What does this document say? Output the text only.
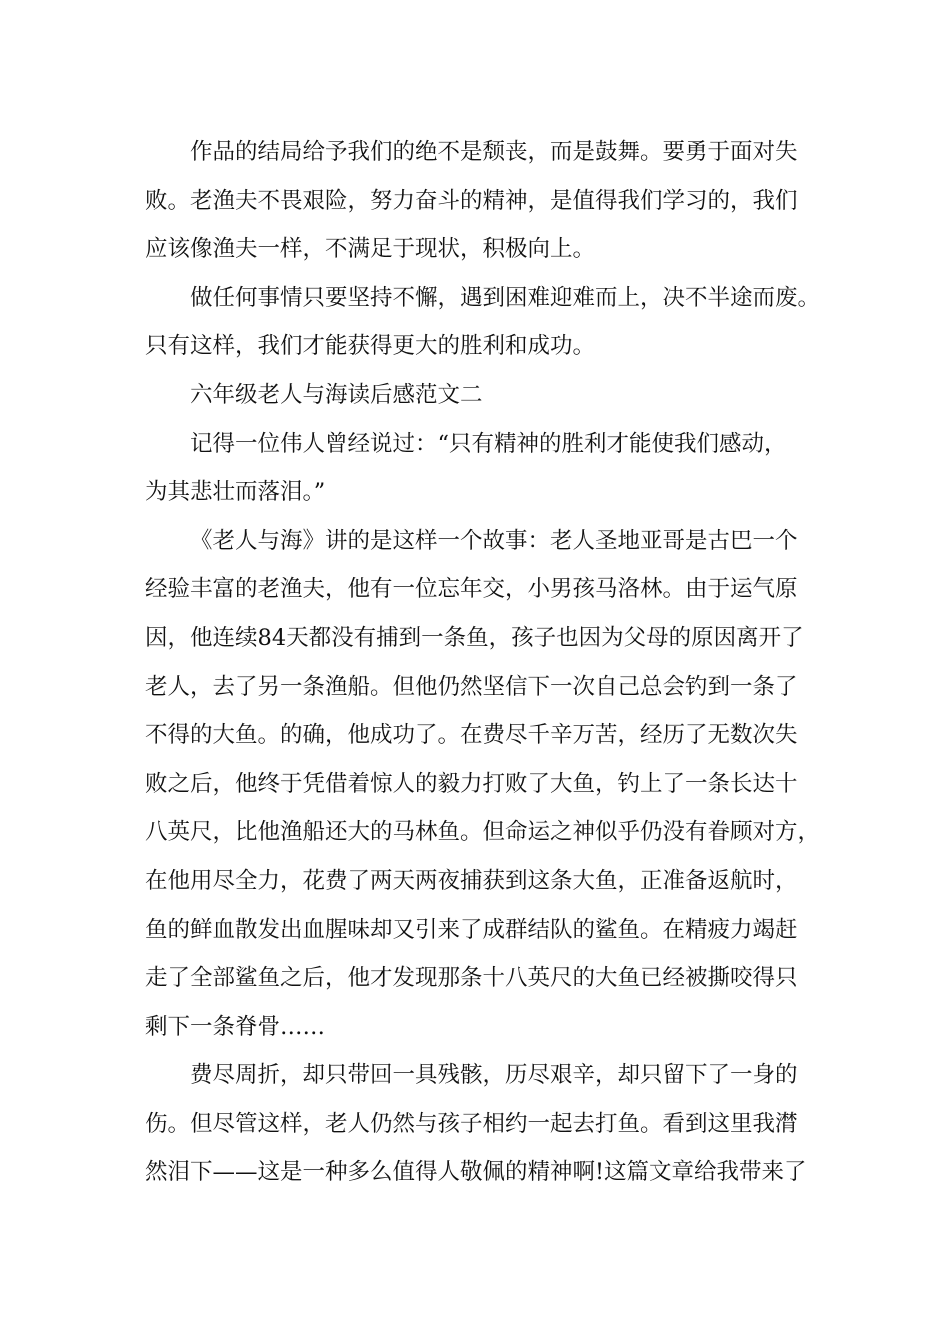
作品的结局给予我们的绝不是颓丧，而是鼓舞。要勇于面对失
败。老渔夫不畏艰险，努力奋斗的精神，是值得我们学习的，我们
应该像渔夫一样，不满足于现状，积极向上。
做任何事情只要坚持不懈，遇到困难迎难而上，决不半途而废。
只有这样，我们才能获得更大的胜利和成功。
六年级老人与海读后感范文二
记得一位伟人曾经说过：“只有精神的胜利才能使我们感动，
为其悲壮而落泪。”
《老人与海》讲的是这样一个故事：老人圣地亚哥是古巴一个
经验丰富的老渔夫，他有一位忘年交，小男孩马洛林。由于运气原
因，他连续84天都没有捕到一条鱼，孩子也因为父母的原因离开了
老人，去了另一条渔船。但他仍然坚信下一次自己总会钓到一条了
不得的大鱼。的确，他成功了。在费尽千辛万苦，经历了无数次失
败之后，他终于凭借着惊人的毅力打败了大鱼，钓上了一条长达十
八英尺，比他渔船还大的马林鱼。但命运之神似乎仍没有眷顾对方，
在他用尽全力，花费了两天两夜捕获到这条大鱼，正准备返航时，
鱼的鲜血散发出血腥味却又引来了成群结队的鲨鱼。在精疲力竭赶
走了全部鲨鱼之后，他才发现那条十八英尺的大鱼已经被撕咬得只
剩下一条脊骨……
费尽周折，却只带回一具残骸，历尽艰辛，却只留下了一身的
伤。但尽管这样，老人仍然与孩子相约一起去打鱼。看到这里我潸
然泪下——这是一种多么值得人敬佩的精神啊!这篇文章给我带来了
